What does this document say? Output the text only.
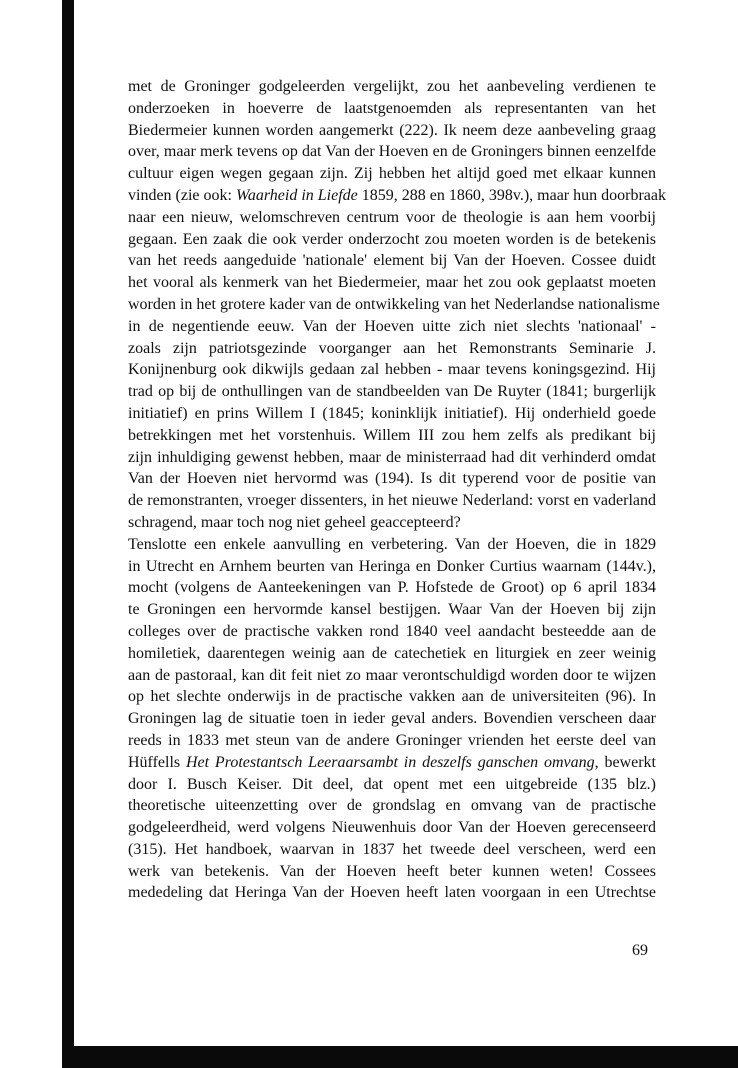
met de Groninger godgeleerden vergelijkt, zou het aanbeveling verdienen te
onderzoeken in hoeverre de laatstgenoemden als representanten van het
Biedermeier kunnen worden aangemerkt (222). Ik neem deze aanbeveling graag
over, maar merk tevens op dat Van der Hoeven en de Groningers binnen eenzelfde
cultuur eigen wegen gegaan zijn. Zij hebben het altijd goed met elkaar kunnen
vinden (zie ook: Waarheid in Liefde 1859, 288 en 1860, 398v.), maar hun doorbraak
naar een nieuw, welomschreven centrum voor de theologie is aan hem voorbij
gegaan. Een zaak die ook verder onderzocht zou moeten worden is de betekenis
van het reeds aangeduide 'nationale' element bij Van der Hoeven. Cossee duidt
het vooral als kenmerk van het Biedermeier, maar het zou ook geplaatst moeten
worden in het grotere kader van de ontwikkeling van het Nederlandse nationalisme
in de negentiende eeuw. Van der Hoeven uitte zich niet slechts 'nationaal' -
zoals zijn patriotsgezinde voorganger aan het Remonstrants Seminarie J.
Konijnenburg ook dikwijls gedaan zal hebben - maar tevens koningsgezind. Hij
trad op bij de onthullingen van de standbeelden van De Ruyter (1841; burgerlijk
initiatief) en prins Willem I (1845; koninklijk initiatief). Hij onderhield goede
betrekkingen met het vorstenhuis. Willem III zou hem zelfs als predikant bij
zijn inhuldiging gewenst hebben, maar de ministerraad had dit verhinderd omdat
Van der Hoeven niet hervormd was (194). Is dit typerend voor de positie van
de remonstranten, vroeger dissenters, in het nieuwe Nederland: vorst en vaderland
schragend, maar toch nog niet geheel geaccepteerd?
Tenslotte een enkele aanvulling en verbetering. Van der Hoeven, die in 1829
in Utrecht en Arnhem beurten van Heringa en Donker Curtius waarnam (144v.),
mocht (volgens de Aanteekeningen van P. Hofstede de Groot) op 6 april 1834
te Groningen een hervormde kansel bestijgen. Waar Van der Hoeven bij zijn
colleges over de practische vakken rond 1840 veel aandacht besteedde aan de
homiletiek, daarentegen weinig aan de catechetiek en liturgiek en zeer weinig
aan de pastoraal, kan dit feit niet zo maar verontschuldigd worden door te wijzen
op het slechte onderwijs in de practische vakken aan de universiteiten (96). In
Groningen lag de situatie toen in ieder geval anders. Bovendien verscheen daar
reeds in 1833 met steun van de andere Groninger vrienden het eerste deel van
Hüffells Het Protestantsch Leeraarsambt in deszelfs ganschen omvang, bewerkt
door I. Busch Keiser. Dit deel, dat opent met een uitgebreide (135 blz.)
theoretische uiteenzetting over de grondslag en omvang van de practische
godgeleerdheid, werd volgens Nieuwenhuis door Van der Hoeven gerecenseerd
(315). Het handboek, waarvan in 1837 het tweede deel verscheen, werd een
werk van betekenis. Van der Hoeven heeft beter kunnen weten! Cossees
mededeling dat Heringa Van der Hoeven heeft laten voorgaan in een Utrechtse
69
